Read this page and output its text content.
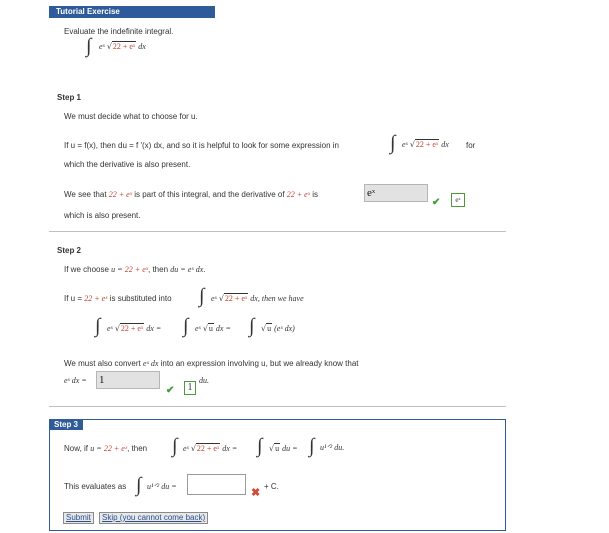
Tutorial Exercise
Evaluate the indefinite integral.
∫ eˣ √22 + eˣ dx
Step 1
We must decide what to choose for u.
If u = f(x), then du = f '(x) dx, and so it is helpful to look for some expression in	∫ eˣ √22 + eˣ dx for
which the derivative is also present.
We see that 22 + eˣ is part of this integral, and the derivative of 22 + eˣ is	eˣ
✔	eˣ
which is also present.
Step 2
If we choose u = 22 + eˣ, then du = eˣ dx.
If u = 22 + eˣ is substituted into ∫ eˣ √22 + eˣ dx, then we have
∫ eˣ √22 + eˣ dx = ∫ eˣ √u dx = ∫ √u (eˣ dx)
We must also convert eˣ dx into an expression involving u, but we already know that
eˣ dx = 1
✔	1
du.
Step 3
Now, if u = 22 + eˣ, then ∫ eˣ √22 + eˣ dx = ∫ √u du = ∫ u¹ᐟ² du.
This evaluates as ∫ u¹ᐟ² du =	+ C.
✖
Submit	Skip (you cannot come back)
